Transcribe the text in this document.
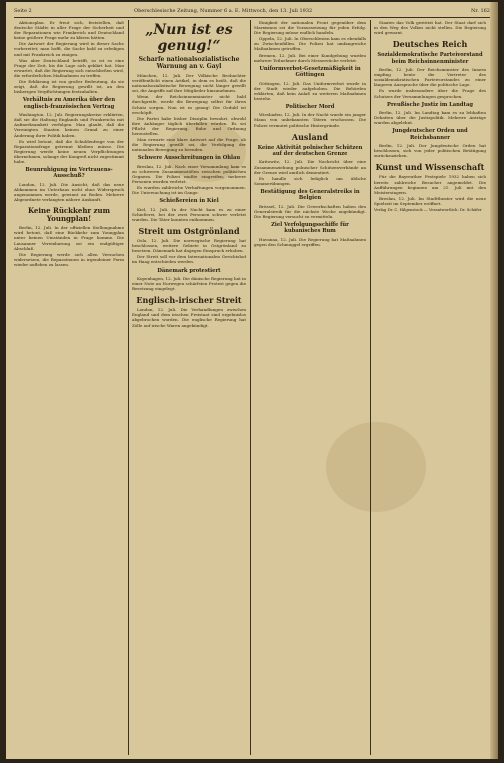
Seite 2	Oberschlesische Zeitung, Nummer 6 a. E. Mittwoch, den 13. Juli 1932	Nr. 162

Aktionsplan. Er freut sich, feststellen, daß deutsche Städte in aller Frage der Sicherheit und der Reparationen wie Frankreich und Deutschland keine größere Frage mehr zu klären hätten.

Die Antwort der Regierung wird in dieser Sache vorbereitet; man hofft, die Sache bald zu erledigen und mit Frankreich zu einigen.

Was aber Deutschland betrifft, so ist es eine Frage der Zeit, bis die Lage sich geklärt hat. Man erwartet, daß die Regierung sich entschließen wird, die erforderlichen Maßnahmen zu treffen.

Die Erklärung ist von großer Bedeutung, da sie zeigt, daß die Regierung gewillt ist, an den bisherigen Verpflichtungen festzuhalten.

Verhältnis zu Amerika über den englisch-französischen Vertrag

Washington, 12. Juli. Regierungskreise erklärten, daß sie die Haltung Englands und Frankreichs mit Aufmerksamkeit verfolgen. Man glaubt, daß die Vereinigten Staaten keinen Grund zu einer Änderung ihrer Politik haben.

Es wird betont, daß die Schuldenfrage von der Reparationsfrage getrennt bleiben müsse. Die Regierung werde keine neuen Verpflichtungen übernehmen, solange der Kongreß nicht zugestimmt habe.

Beunruhigung im Vertrauens-Ausschuß?

London, 12. Juli. Die Ansicht, daß das neue Abkommen im Unterhaus nicht ohne Widerspruch angenommen werde, gewinnt an Boden. Mehrere Abgeordnete verlangten nähere Auskunft.

Keine Rückkehr zum Youngplan!

Berlin, 12. Juli. In der offiziellen Stellungnahme wird betont, daß eine Rückkehr zum Youngplan unter keinen Umständen in Frage komme. Die Lausanner Vereinbarung sei ein endgültiger Abschluß.

Die Regierung werde sich allen Versuchen widersetzen, die Reparationen in irgendeiner Form wieder aufleben zu lassen.

„Nun ist es genug!“
Scharfe nationalsozialistische Warnung an v. Gayl

München, 12. Juli. Der Völkische Beobachter veröffentlicht einen Artikel, in dem es heißt, daß die nationalsozialistische Bewegung nicht länger gewillt sei, die Angriffe auf ihre Mitglieder hinzunehmen.

Wenn der Reichsinnenminister nicht bald durchgreife, werde die Bewegung selbst für ihren Schutz sorgen. Nun ist es genug! Die Geduld ist erschöpft.

Die Partei habe bisher Disziplin bewahrt, obwohl ihre Anhänger täglich überfallen würden. Es sei Pflicht der Regierung, Ruhe und Ordnung herzustellen.

Man erwarte eine klare Antwort auf die Frage, ob die Regierung gewillt sei, die Verfolgung der nationalen Bewegung zu beenden.

Schwere Ausschreitungen in Ohlau

Breslau, 12. Juli. Nach einer Versammlung kam es zu schweren Zusammenstößen zwischen politischen Gegnern. Die Polizei mußte eingreifen; mehrere Personen wurden verletzt.

Es wurden zahlreiche Verhaftungen vorgenommen. Die Untersuchung ist im Gange.

Schießereien in Kiel

Kiel, 12. Juli. In der Nacht kam es zu einer Schießerei, bei der zwei Personen schwer verletzt wurden. Die Täter konnten entkommen.

Streit um Ostgrönland

Oslo, 12. Juli. Die norwegische Regierung hat beschlossen, weitere Gebiete in Ostgrönland zu besetzen. Dänemark hat dagegen Einspruch erhoben.

Der Streit soll vor dem Internationalen Gerichtshof im Haag entschieden werden.

Dänemark protestiert

Kopenhagen, 12. Juli. Die dänische Regierung hat in einer Note an Norwegen schärfsten Protest gegen die Besetzung eingelegt.

Englisch-irischer Streit

London, 12. Juli. Die Verhandlungen zwischen England und dem irischen Freistaat sind ergebnislos abgebrochen worden. Die englische Regierung hat Zölle auf irische Waren angekündigt.

Einigkeit der nationalen Front gegenüber dem Marxismus sei die Voraussetzung für jeden Erfolg. Die Regierung müsse endlich handeln.

Oppeln, 12. Juli. In Oberschlesien kam es ebenfalls zu Zwischenfällen. Die Polizei hat umfangreiche Maßnahmen getroffen.

Bremen, 12. Juli. Bei einer Kundgebung wurden mehrere Teilnehmer durch Messerstiche verletzt.

Uniformverbot-Gesetzmäßigkeit in Göttingen

Göttingen, 12. Juli. Das Uniformverbot wurde in der Stadt wieder aufgehoben. Die Behörden erklärten, daß kein Anlaß zu weiteren Maßnahmen bestehe.

Politischer Mord

Wiesbaden, 12. Juli. In der Nacht wurde ein junger Mann von unbekannten Tätern erschossen. Die Polizei vermutet politische Hintergründe.

Ausland
Keine Aktivität polnischer Schützen auf der deutschen Grenze

Kattowitz, 12. Juli. Die Nachricht über eine Zusammenziehung polnischer Schützenverbände an der Grenze wird amtlich dementiert.

Es handle sich lediglich um übliche Sommerübungen.

Bestätigung des Generalstreiks in Belgien

Brüssel, 12. Juli. Die Gewerkschaften haben den Generalstreik für die nächste Woche angekündigt. Die Regierung versucht zu vermitteln.

Ziel Verfolgungsschiffe für kubanisches Rum

Havanna, 12. Juli. Die Regierung hat Maßnahmen gegen den Schmuggel ergriffen.

Staates das Volk gestützt hat. Der Staat darf sich in den Weg des Volkes nicht stellen. Die Regierung wird gewarnt.

Deutsches Reich
Sozialdemokratische Parteivorstand beim Reichsinnenminister

Berlin, 12. Juli. Der Reichsminister des Innern empfing heute die Vertreter des sozialdemokratischen Parteivorstandes zu einer längeren Aussprache über die politische Lage.

Es wurde insbesondere über die Frage des Schutzes der Versammlungen gesprochen.

Preußische Justiz im Landtag

Berlin, 12. Juli. Im Landtag kam es zu lebhaften Debatten über die Justizpolitik. Mehrere Anträge wurden abgelehnt.

Jungdeutscher Orden und Reichsbanner

Berlin, 12. Juli. Der Jungdeutsche Orden hat beschlossen, sich von jeder politischen Betätigung zurückzuziehen.

Kunst und Wissenschaft

Für die Bayreuther Festspiele 1932 haben sich bereits zahlreiche Besucher angemeldet. Die Aufführungen beginnen am 21. Juli mit den Meistersingern.

Breslau, 12. Juli. Im Stadttheater wird die neue Spielzeit im September eröffnet.

Verlag Dr. C. Hilgenstock — Verantwortlich: Dr. Schäfer
